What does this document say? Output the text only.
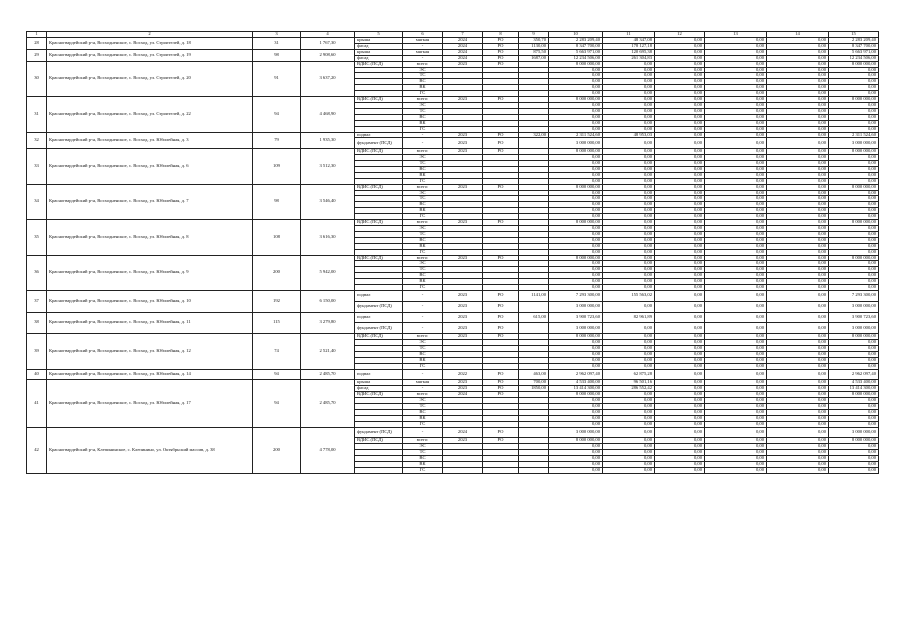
1	2	3	4	5	6	7	8	9	10	11	12	13	14	15
28	Красногвардейский р-н, Восходненское, с. Восход, ул. Строителей, д. 18	31	1 767,30	крыша	мягкая	2024	РО	350,70	2 283 209,40	48 347,08	0,00	0,00	0,00	2 283 209,40
				фасад	-	2024	РО	1130,00	8 347 700,00	178 127,18	0,00	0,00	0,00	8 347 700,00
29	Красногвардейский р-н, Восходненское, с. Восход, ул. Строителей, д. 19	98	2 908,60	крыша	мягкая	2024	РО	875,50	5 663 971,00	120 695,38	0,00	0,00	0,00	5 663 971,00
				фасад	-	2024	РО	1687,00	12 234 506,00	261 304,83	0,00	0,00	0,00	12 234 506,00
30	Красногвардейский р-н, Восходненское, с. Восход, ул. Строителей, д. 20	91	3 637,20	ВДИС (ПСД)	всего:	2023	РО		8 000 000,00	0,00	0,00	0,00	0,00	8 000 000,00
					ЭС				0,00	0,00	0,00	0,00	0,00	0,00
					ТС				0,00	0,00	0,00	0,00	0,00	0,00
					ВС				0,00	0,00	0,00	0,00	0,00	0,00
					ВК				0,00	0,00	0,00	0,00	0,00	0,00
					ГС				0,00	0,00	0,00	0,00	0,00	0,00
31	Красногвардейский р-н, Восходненское, с. Восход, ул. Строителей, д. 22	94	4 468,90	ВДИС (ПСД)	всего:	2023	РО		8 000 000,00	0,00	0,00	0,00	0,00	8 000 000,00
					ЭС				0,00	0,00	0,00	0,00	0,00	0,00
					ТС				0,00	0,00	0,00	0,00	0,00	0,00
					ВС				0,00	0,00	0,00	0,00	0,00	0,00
					ВК				0,00	0,00	0,00	0,00	0,00	0,00
					ГС				0,00	0,00	0,00	0,00	0,00	0,00
32	Красногвардейский р-н, Восходненское, с. Восход, ул. Юбилейная, д. 3	79	1 935,30	подвал	-	2023	РО	322,00	2 311 524,60	48 953,03	0,00	0,00	0,00	2 311 524,60
				фундамент (ПСД)	-	2023	РО		3 000 000,00	0,00	0,00	0,00	0,00	3 000 000,00
33	Красногвардейский р-н, Восходненское, с. Восход, ул. Юбилейная, д. 6	109	3 512,30	ВДИС (ПСД)	всего:	2023	РО		8 000 000,00	0,00	0,00	0,00	0,00	8 000 000,00
					ЭС				0,00	0,00	0,00	0,00	0,00	0,00
					ТС				0,00	0,00	0,00	0,00	0,00	0,00
					ВС				0,00	0,00	0,00	0,00	0,00	0,00
					ВК				0,00	0,00	0,00	0,00	0,00	0,00
					ГС				0,00	0,00	0,00	0,00	0,00	0,00
34	Красногвардейский р-н, Восходненское, с. Восход, ул. Юбилейная, д. 7	98	3 546,40	ВДИС (ПСД)	всего:	2023	РО		8 000 000,00	0,00	0,00	0,00	0,00	8 000 000,00
					ЭС				0,00	0,00	0,00	0,00	0,00	0,00
					ТС				0,00	0,00	0,00	0,00	0,00	0,00
					ВС				0,00	0,00	0,00	0,00	0,00	0,00
					ВК				0,00	0,00	0,00	0,00	0,00	0,00
					ГС				0,00	0,00	0,00	0,00	0,00	0,00
35	Красногвардейский р-н, Восходненское, с. Восход, ул. Юбилейная, д. 8	108	3 616,30	ВДИС (ПСД)	всего:	2023	РО		8 000 000,00	0,00	0,00	0,00	0,00	8 000 000,00
					ЭС				0,00	0,00	0,00	0,00	0,00	0,00
					ТС				0,00	0,00	0,00	0,00	0,00	0,00
					ВС				0,00	0,00	0,00	0,00	0,00	0,00
					ВК				0,00	0,00	0,00	0,00	0,00	0,00
					ГС				0,00	0,00	0,00	0,00	0,00	0,00
36	Красногвардейский р-н, Восходненское, с. Восход, ул. Юбилейная, д. 9	200	5 942,00	ВДИС (ПСД)	всего:	2023	РО		8 000 000,00	0,00	0,00	0,00	0,00	8 000 000,00
					ЭС				0,00	0,00	0,00	0,00	0,00	0,00
					ТС				0,00	0,00	0,00	0,00	0,00	0,00
					ВС				0,00	0,00	0,00	0,00	0,00	0,00
					ВК				0,00	0,00	0,00	0,00	0,00	0,00
					ГС				0,00	0,00	0,00	0,00	0,00	0,00
37	Красногвардейский р-н, Восходненское, с. Восход, ул. Юбилейная, д. 10	192	6 150,00	подвал	-	2023	РО	1141,00	7 293 300,00	155 563,02	0,00	0,00	0,00	7 293 300,00
				фундамент (ПСД)	-	2023	РО		3 000 000,00	0,00	0,00	0,00	0,00	3 000 000,00
38	Красногвардейский р-н, Восходненское, с. Восход, ул. Юбилейная, д. 11	115	3 279,80	подвал	-	2023	РО	615,00	3 900 723,60	82 961,89	0,00	0,00	0,00	3 900 723,60
				фундамент (ПСД)	-	2023	РО		3 000 000,00	0,00	0,00	0,00	0,00	3 000 000,00
39	Красногвардейский р-н, Восходненское, с. Восход, ул. Юбилейная, д. 12	74	2 521,40	ВДИС (ПСД)	всего:	2023	РО		8 000 000,00	0,00	0,00	0,00	0,00	8 000 000,00
					ЭС				0,00	0,00	0,00	0,00	0,00	0,00
					ТС				0,00	0,00	0,00	0,00	0,00	0,00
					ВС				0,00	0,00	0,00	0,00	0,00	0,00
					ВК				0,00	0,00	0,00	0,00	0,00	0,00
					ГС				0,00	0,00	0,00	0,00	0,00	0,00
40	Красногвардейский р-н, Восходненское, с. Восход, ул. Юбилейная, д. 14	94	2 485,70	подвал	-	2022	РО	463,00	2 962 097,40	62 875,28	0,00	0,00	0,00	2 962 097,40
41	Красногвардейский р-н, Восходненское, с. Восход, ул. Юбилейная, д. 17	94	2 485,70	крыша	мягкая	2023	РО	700,00	4 533 400,00	96 501,16	0,00	0,00	0,00	4 533 400,00
				фасад	-	2023	РО	1850,00	13 414 300,00	286 552,42	0,00	0,00	0,00	13 414 300,00
				ВДИС (ПСД)	всего:	2024	РО		8 000 000,00	0,00	0,00	0,00	0,00	8 000 000,00
					ЭС				0,00	0,00	0,00	0,00	0,00	0,00
					ТС				0,00	0,00	0,00	0,00	0,00	0,00
					ВС				0,00	0,00	0,00	0,00	0,00	0,00
					ВК				0,00	0,00	0,00	0,00	0,00	0,00
					ГС				0,00	0,00	0,00	0,00	0,00	0,00
42	Красногвардейский р-н, Клепининское, с. Клепинино, ул. Октябрьский массив, д. 38	200	4 778,00	фундамент (ПСД)	-	2024	РО		3 000 000,00	0,00	0,00	0,00	0,00	3 000 000,00
				ВДИС (ПСД)	всего:	2023	РО		8 000 000,00	0,00	0,00	0,00	0,00	8 000 000,00
					ЭС				0,00	0,00	0,00	0,00	0,00	0,00
					ТС				0,00	0,00	0,00	0,00	0,00	0,00
					ВС				0,00	0,00	0,00	0,00	0,00	0,00
					ВК				0,00	0,00	0,00	0,00	0,00	0,00
					ГС				0,00	0,00	0,00	0,00	0,00	0,00
